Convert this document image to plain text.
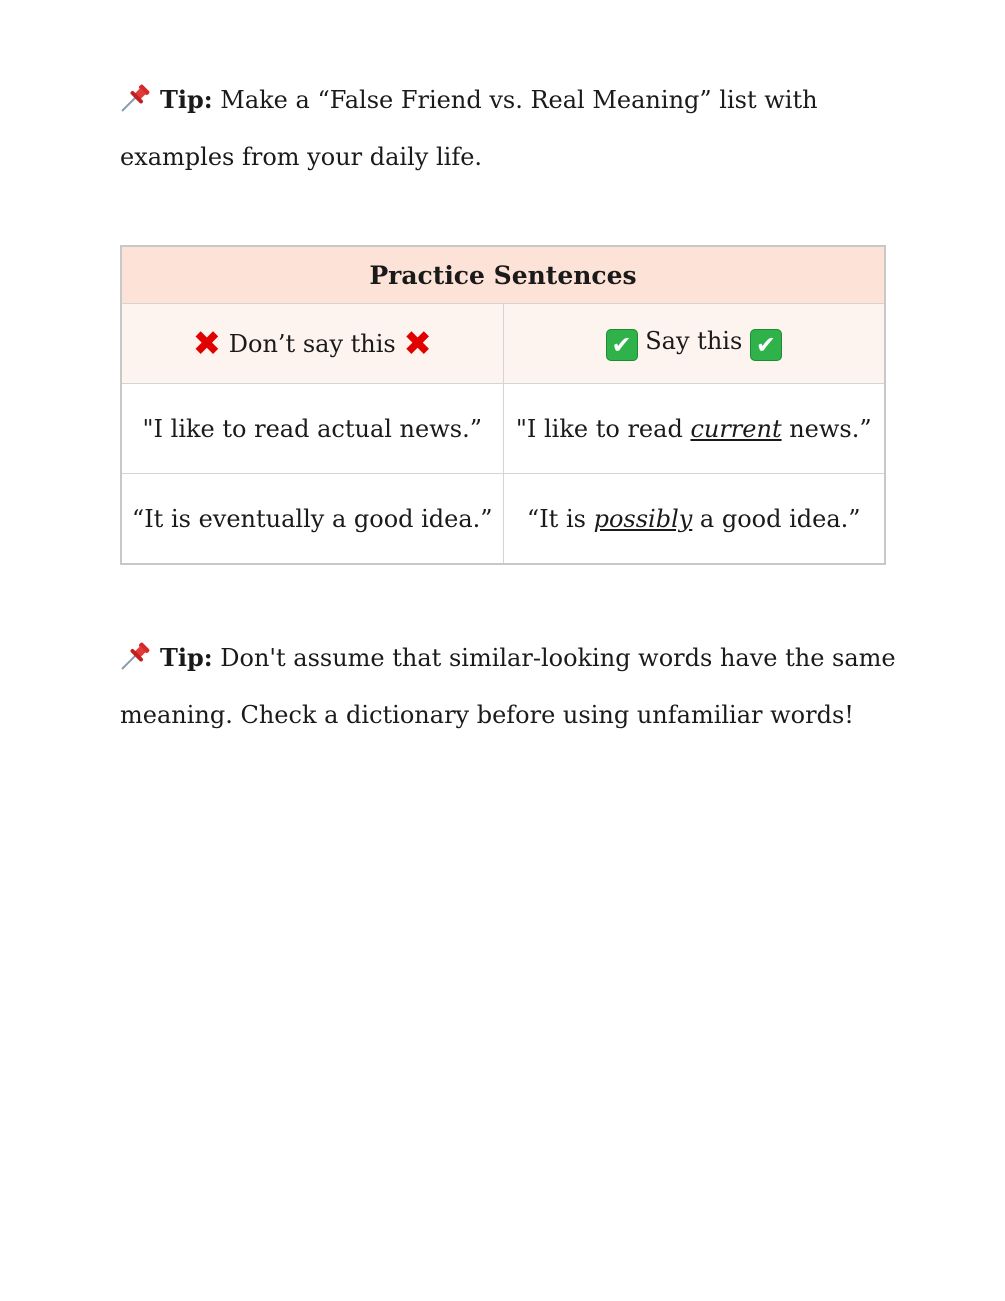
Tip: Make a “False Friend vs. Real Meaning” list with examples from your daily life.
Practice Sentences	
✖ Don’t say this ✖	✔ Say this ✔
"I like to read actual news.”	"I like to read current news.”
“It is eventually a good idea.”	“It is possibly a good idea.”
Tip: Don't assume that similar-looking words have the same meaning. Check a dictionary before using unfamiliar words!
